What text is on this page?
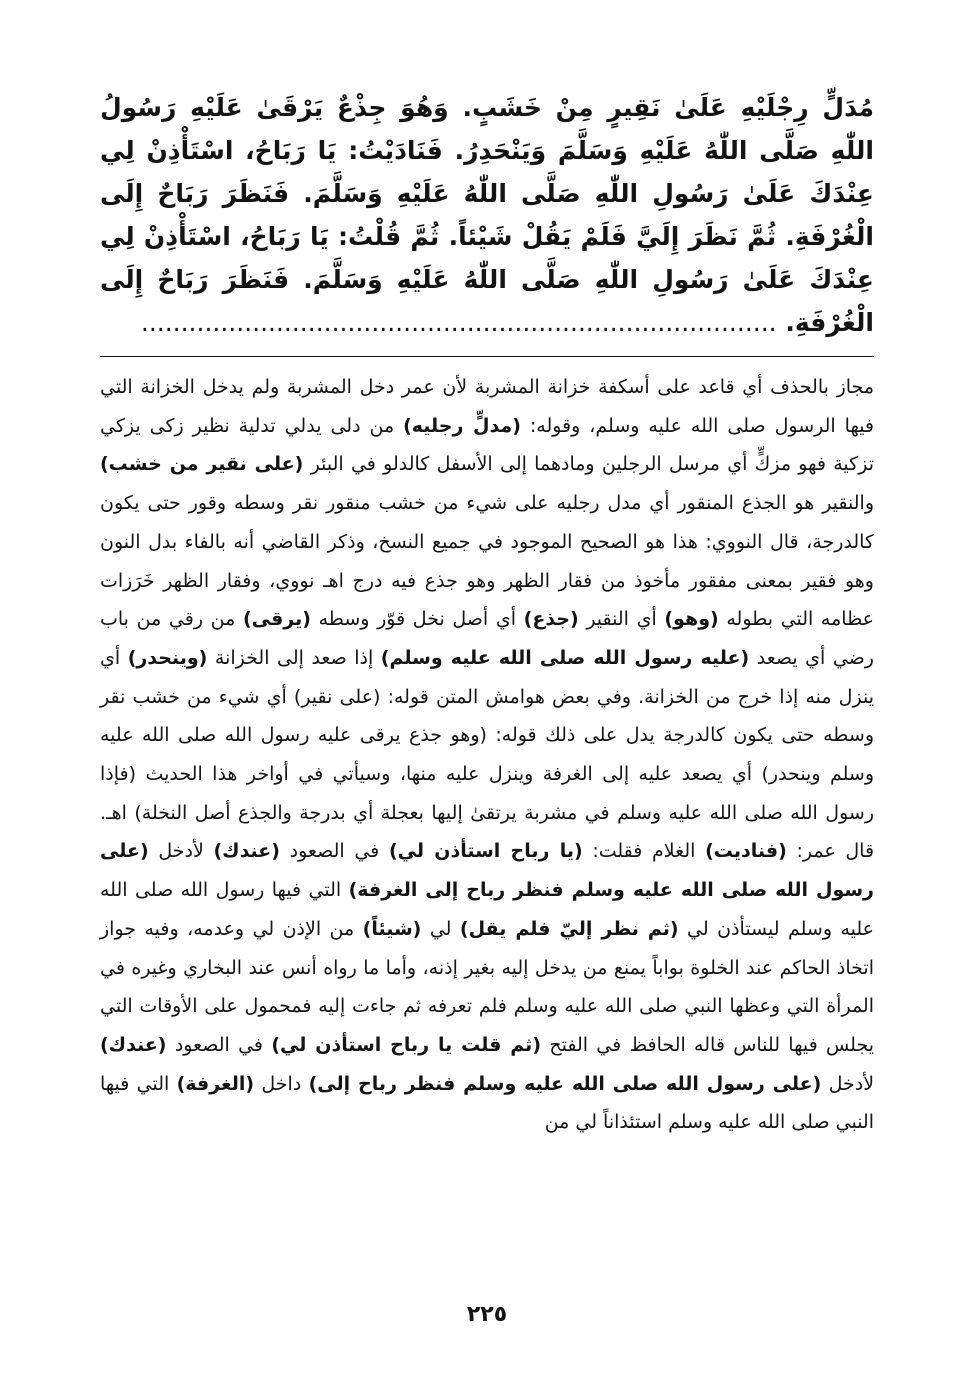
مُدَلٍّ رِجْلَيْهِ عَلَىٰ نَقِيرٍ مِنْ خَشَبٍ. وَهُوَ جِذْعٌ يَرْقَىٰ عَلَيْهِ رَسُولُ اللّٰهِ صَلَّى اللّٰهُ عَلَيْهِ وَسَلَّمَ وَيَنْحَدِرُ. فَنَادَيْتُ: يَا رَبَاحُ، اسْتَأْذِنْ لِي عِنْدَكَ عَلَىٰ رَسُولِ اللّٰهِ صَلَّى اللّٰهُ عَلَيْهِ وَسَلَّمَ. فَنَظَرَ رَبَاحٌ إِلَى الْغُرْفَةِ. ثُمَّ نَظَرَ إِلَيَّ فَلَمْ يَقُلْ شَيْئاً. ثُمَّ قُلْتُ: يَا رَبَاحُ، اسْتَأْذِنْ لِي عِنْدَكَ عَلَىٰ رَسُولِ اللّٰهِ صَلَّى اللّٰهُ عَلَيْهِ وَسَلَّمَ. فَنَظَرَ رَبَاحٌ إِلَى الْغُرْفَةِ. ................................................................................

مجاز بالحذف أي قاعد على أسكفة خزانة المشربة لأن عمر دخل المشربة ولم يدخل الخزانة التي فيها الرسول صلى الله عليه وسلم، وقوله: (مدلٍّ رجليه) من دلى يدلي تدلية نظير زكى يزكي تزكية فهو مزكٍّ أي مرسل الرجلين ومادهما إلى الأسفل كالدلو في البئر (على نقير من خشب) والنقير هو الجذع المنقور أي مدل رجليه على شيء من خشب منقور نقر وسطه وقور حتى يكون كالدرجة، قال النووي: هذا هو الصحيح الموجود في جميع النسخ، وذكر القاضي أنه بالفاء بدل النون وهو فقير بمعنى مفقور مأخوذ من فقار الظهر وهو جذع فيه درج اهـ نووي، وفقار الظهر خَرَزات عظامه التي بطوله (وهو) أي النقير (جذع) أي أصل نخل قوّر وسطه (يرقى) من رقي من باب رضي أي يصعد (عليه رسول الله صلى الله عليه وسلم) إذا صعد إلى الخزانة (وينحدر) أي ينزل منه إذا خرج من الخزانة. وفي بعض هوامش المتن قوله: (على نقير) أي شيء من خشب نقر وسطه حتى يكون كالدرجة يدل على ذلك قوله: (وهو جذع يرقى عليه رسول الله صلى الله عليه وسلم وينحدر) أي يصعد عليه إلى الغرفة وينزل عليه منها، وسيأتي في أواخر هذا الحديث (فإذا رسول الله صلى الله عليه وسلم في مشربة يرتقىٰ إليها بعجلة أي بدرجة والجذع أصل النخلة) اهـ. قال عمر: (فناديت) الغلام فقلت: (يا رباح استأذن لي) في الصعود (عندك) لأدخل (على رسول الله صلى الله عليه وسلم فنظر رباح إلى الغرفة) التي فيها رسول الله صلى الله عليه وسلم ليستأذن لي (ثم نظر إليّ فلم يقل) لي (شيئاً) من الإذن لي وعدمه، وفيه جواز اتخاذ الحاكم عند الخلوة بواباً يمنع من يدخل إليه بغير إذنه، وأما ما رواه أنس عند البخاري وغيره في المرأة التي وعظها النبي صلى الله عليه وسلم فلم تعرفه ثم جاءت إليه فمحمول على الأوقات التي يجلس فيها للناس قاله الحافظ في الفتح (ثم قلت يا رباح استأذن لي) في الصعود (عندك) لأدخل (على رسول الله صلى الله عليه وسلم فنظر رباح إلى) داخل (الغرفة) التي فيها النبي صلى الله عليه وسلم استئذاناً لي من

٢٢٥
